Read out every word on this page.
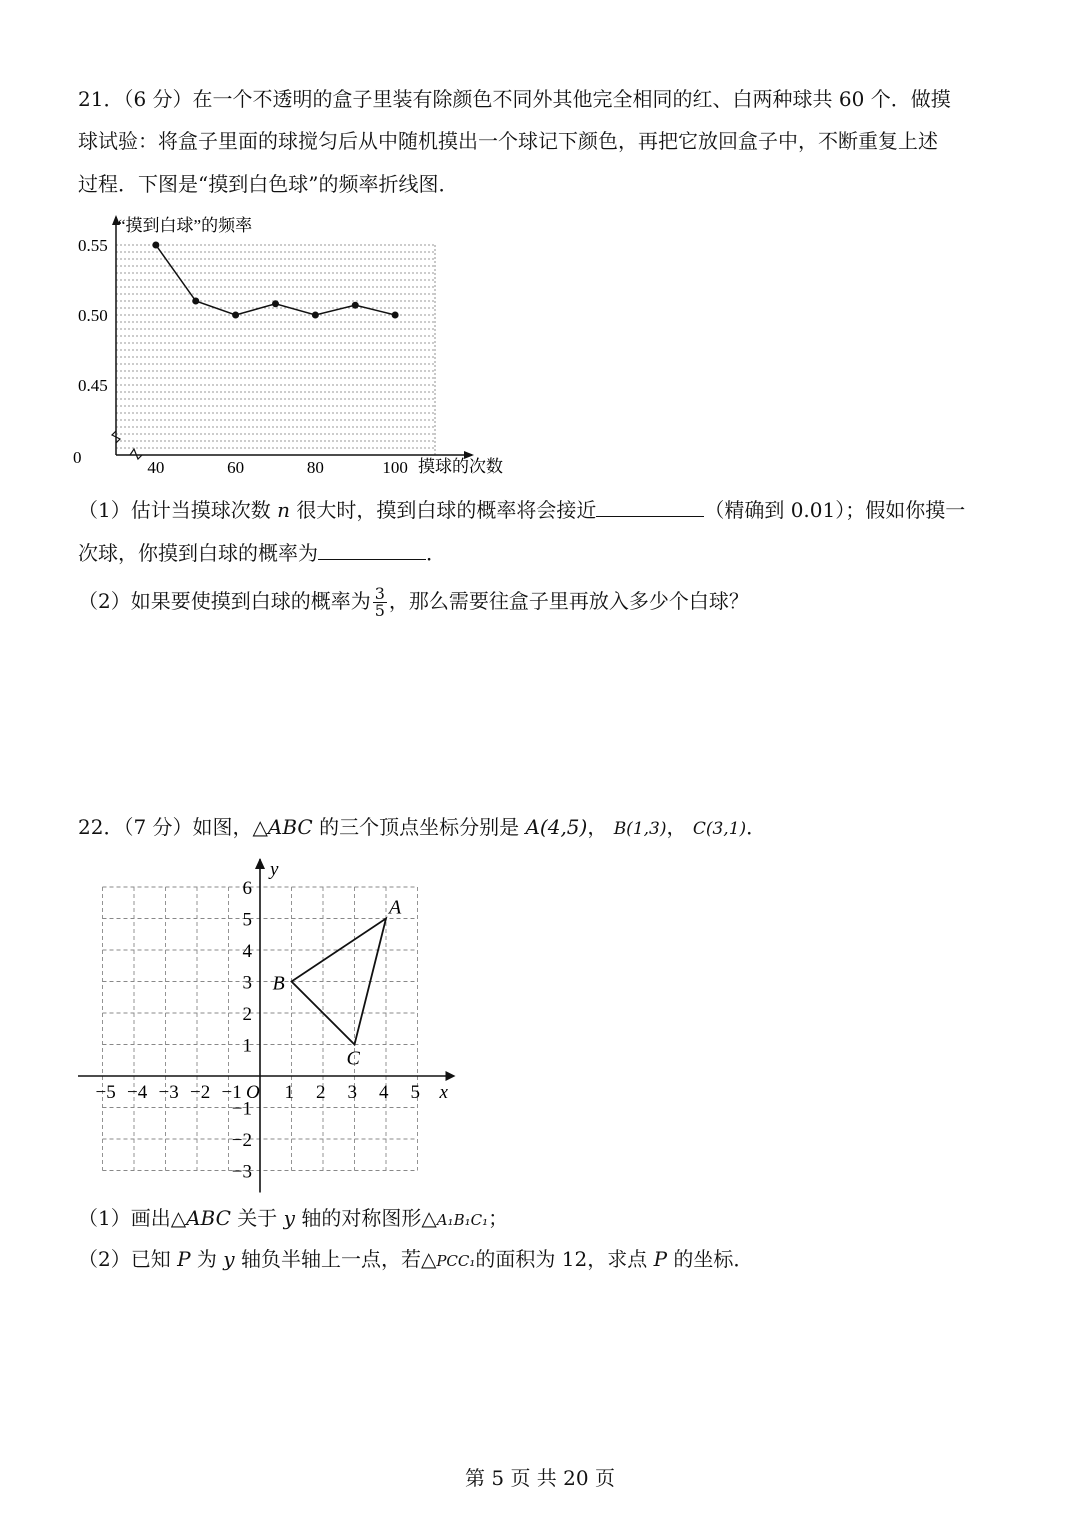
21．（6 分）在一个不透明的盒子里装有除颜色不同外其他完全相同的红、白两种球共 60 个．做摸
球试验：将盒子里面的球搅匀后从中随机摸出一个球记下颜色，再把它放回盒子中，不断重复上述
过程．下图是“摸到白色球”的频率折线图．
0.55
0.50
0.45
40	60	80	100
“摸到白球”的频率
摸球的次数
0
（1）估计当摸球次数 n 很大时，摸到白球的概率将会接近	（精确到 0.01）；假如你摸一
次球，你摸到白球的概率为	．
（2）如果要使摸到白球的概率为 $\frac{3}{5}$ ，那么需要往盒子里再放入多少个白球？
22．（7 分）如图，△ABC 的三个顶点坐标分别是 A(4,5)， B(1,3)， C(3,1)．
−5 −4 −3 −2 −1 1 2 3 4 5
6
5
4
3
2
1
−1
−2
−3
O	x
y
A
B
C
（1）画出△ABC 关于 y 轴的对称图形△A₁B₁C₁；
（2）已知 P 为 y 轴负半轴上一点，若△PCC₁的面积为 12，求点 P 的坐标．
第 5 页 共 20 页
